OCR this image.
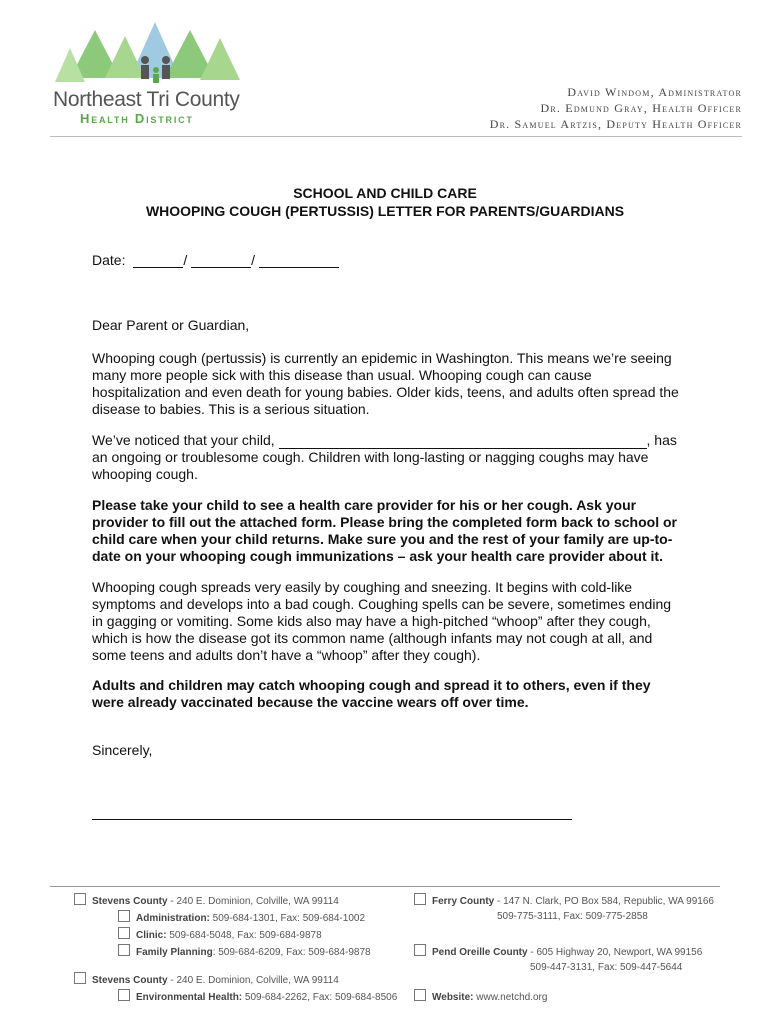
Northeast Tri County
Health District
David Windom, Administrator
Dr. Edmund Gray, Health Officer
Dr. Samuel Artzis, Deputy Health Officer
SCHOOL AND CHILD CARE
WHOOPING COUGH (PERTUSSIS) LETTER FOR PARENTS/GUARDIANS
Date:	/	/
Dear Parent or Guardian,
Whooping cough (pertussis) is currently an epidemic in Washington. This means we’re seeing many more people sick with this disease than usual. Whooping cough can cause hospitalization and even death for young babies. Older kids, teens, and adults often spread the disease to babies. This is a serious situation.
We’ve noticed that your child,	, has an ongoing or troublesome cough. Children with long-lasting or nagging coughs may have whooping cough.
Please take your child to see a health care provider for his or her cough. Ask your provider to fill out the attached form. Please bring the completed form back to school or child care when your child returns. Make sure you and the rest of your family are up-to-date on your whooping cough immunizations – ask your health care provider about it.
Whooping cough spreads very easily by coughing and sneezing. It begins with cold-like symptoms and develops into a bad cough. Coughing spells can be severe, sometimes ending in gagging or vomiting. Some kids also may have a high-pitched “whoop” after they cough, which is how the disease got its common name (although infants may not cough at all, and some teens and adults don’t have a “whoop” after they cough).
Adults and children may catch whooping cough and spread it to others, even if they were already vaccinated because the vaccine wears off over time.
Sincerely,
Stevens County - 240 E. Dominion, Colville, WA 99114
Administration: 509-684-1301, Fax: 509-684-1002
Clinic: 509-684-5048, Fax: 509-684-9878
Family Planning: 509-684-6209, Fax: 509-684-9878
Stevens County - 240 E. Dominion, Colville, WA 99114
Environmental Health: 509-684-2262, Fax: 509-684-8506
Ferry County - 147 N. Clark, PO Box 584, Republic, WA 99166
509-775-3111, Fax: 509-775-2858
Pend Oreille County - 605 Highway 20, Newport, WA 99156
509-447-3131, Fax: 509-447-5644
Website: www.netchd.org
